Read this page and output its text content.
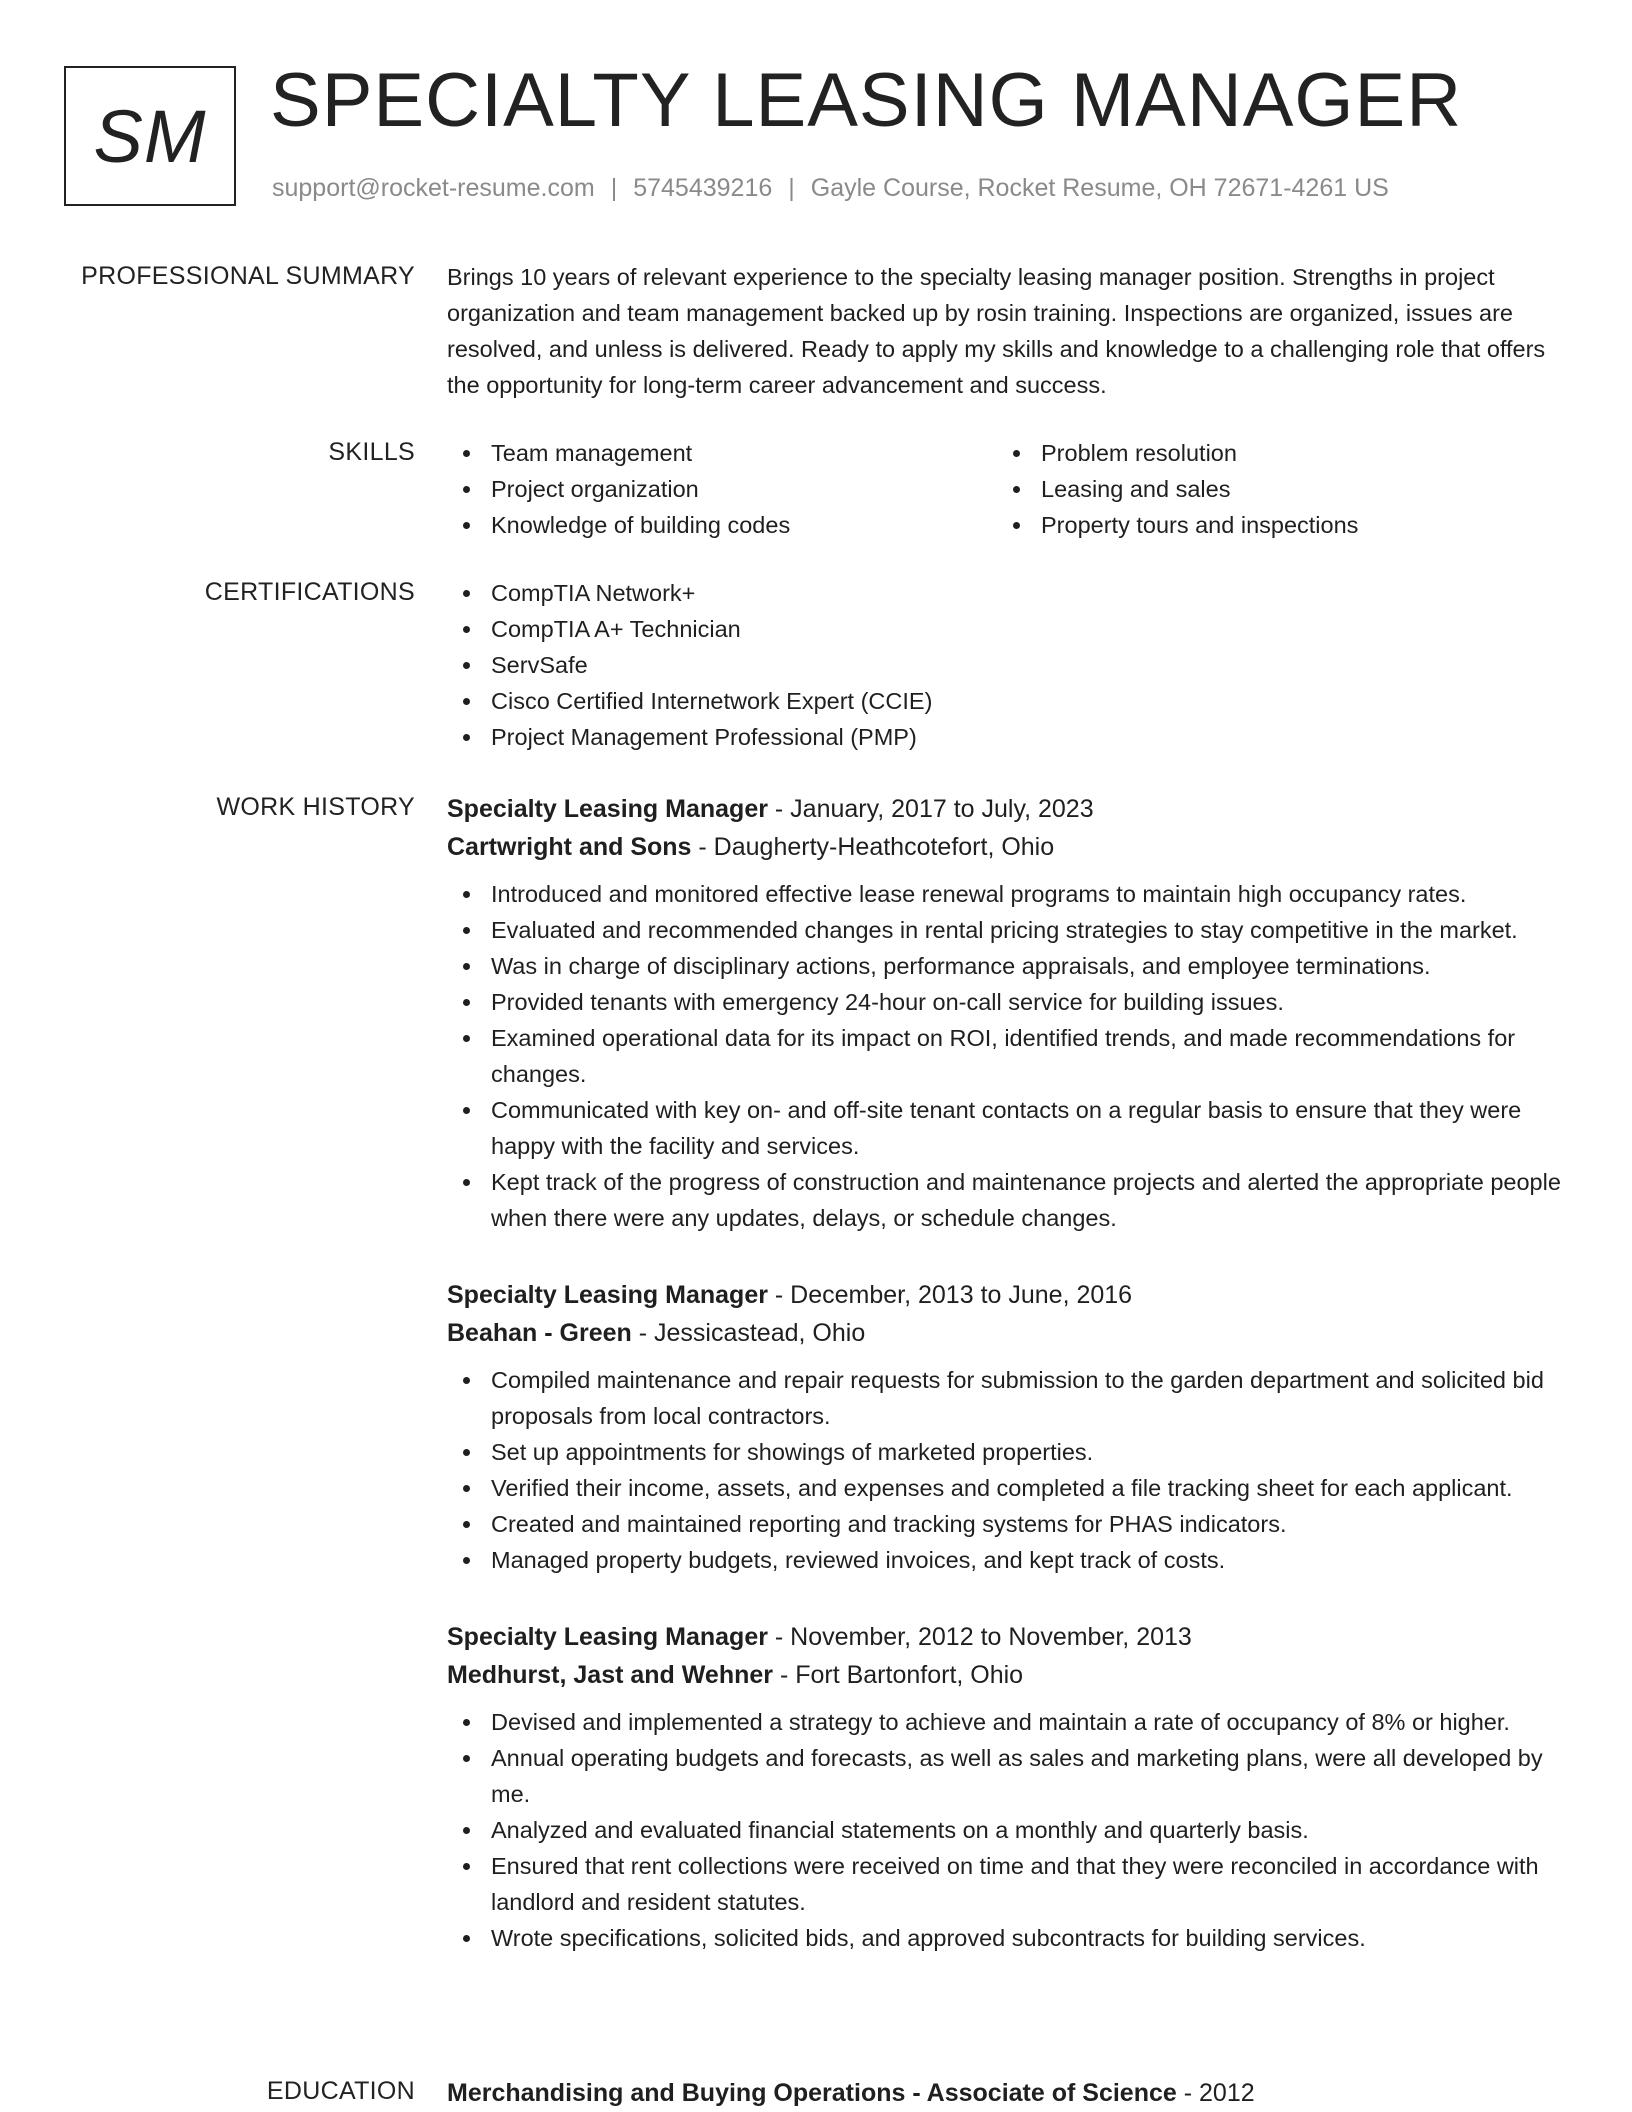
SM SPECIALTY LEASING MANAGER
support@rocket-resume.com | 5745439216 | Gayle Course, Rocket Resume, OH 72671-4261 US
PROFESSIONAL SUMMARY Brings 10 years of relevant experience to the specialty leasing manager position. Strengths in project organization and team management backed up by rosin training. Inspections are organized, issues are resolved, and unless is delivered. Ready to apply my skills and knowledge to a challenging role that offers the opportunity for long-term career advancement and success.

SKILLS	Team management
Project organization
Knowledge of building codes
Problem resolution
Leasing and sales
Property tours and inspections
CERTIFICATIONS	CompTIA Network+
CompTIA A+ Technician
ServSafe
Cisco Certified Internetwork Expert (CCIE)
Project Management Professional (PMP)
WORK HISTORY Specialty Leasing Manager - January, 2017 to July, 2023
Cartwright and Sons - Daugherty-Heathcotefort, Ohio
Introduced and monitored effective lease renewal programs to maintain high occupancy rates.
Evaluated and recommended changes in rental pricing strategies to stay competitive in the market.
Was in charge of disciplinary actions, performance appraisals, and employee terminations.
Provided tenants with emergency 24-hour on-call service for building issues.
Examined operational data for its impact on ROI, identified trends, and made recommendations for changes.
Communicated with key on- and off-site tenant contacts on a regular basis to ensure that they were happy with the facility and services.
Kept track of the progress of construction and maintenance projects and alerted the appropriate people when there were any updates, delays, or schedule changes.
Specialty Leasing Manager - December, 2013 to June, 2016
Beahan - Green - Jessicastead, Ohio
Compiled maintenance and repair requests for submission to the garden department and solicited bid proposals from local contractors.
Set up appointments for showings of marketed properties.
Verified their income, assets, and expenses and completed a file tracking sheet for each applicant.
Created and maintained reporting and tracking systems for PHAS indicators.
Managed property budgets, reviewed invoices, and kept track of costs.
Specialty Leasing Manager - November, 2012 to November, 2013
Medhurst, Jast and Wehner - Fort Bartonfort, Ohio
Devised and implemented a strategy to achieve and maintain a rate of occupancy of 8% or higher.
Annual operating budgets and forecasts, as well as sales and marketing plans, were all developed by me.
Analyzed and evaluated financial statements on a monthly and quarterly basis.
Ensured that rent collections were received on time and that they were reconciled in accordance with landlord and resident statutes.
Wrote specifications, solicited bids, and approved subcontracts for building services.
EDUCATION Merchandising and Buying Operations - Associate of Science - 2012
